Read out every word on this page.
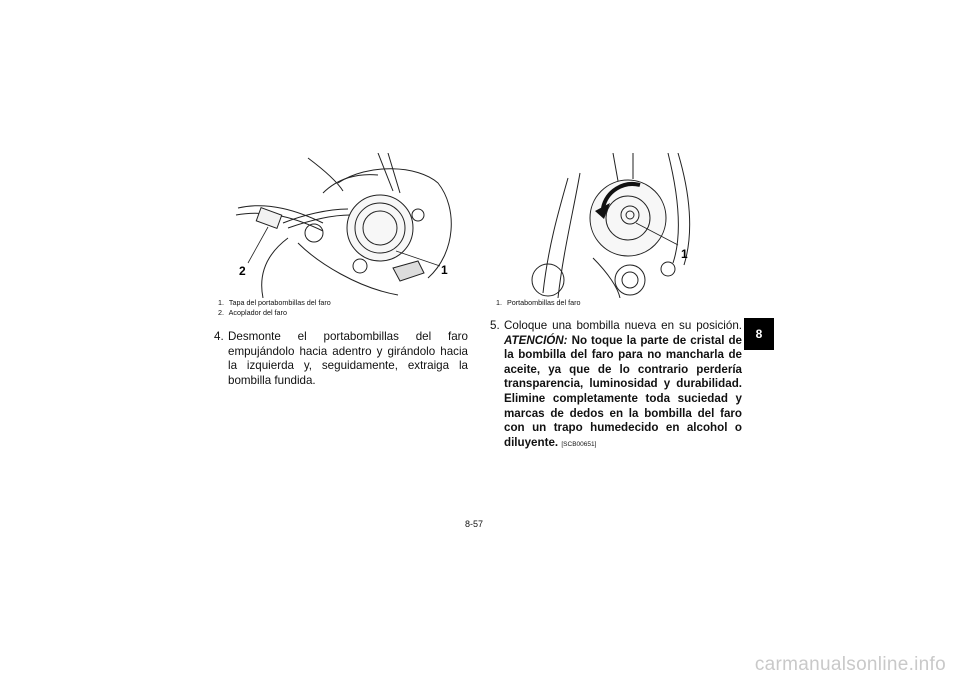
2	1
1
1. Tapa del portabombillas del faro
2. Acoplador del faro
1. Portabombillas del faro
4. Desmonte el portabombillas del faro empujándolo hacia adentro y girándolo hacia la izquierda y, seguidamente, extraiga la bombilla fundida.
5. Coloque una bombilla nueva en su posición. ATENCIÓN: No toque la parte de cristal de la bombilla del faro para no mancharla de aceite, ya que de lo contrario perdería transparencia, luminosidad y durabilidad. Elimine completamente toda suciedad y marcas de dedos en la bombilla del faro con un trapo humedecido en alcohol o diluyente. [SCB00651]
8
8-57
carmanualsonline.info
